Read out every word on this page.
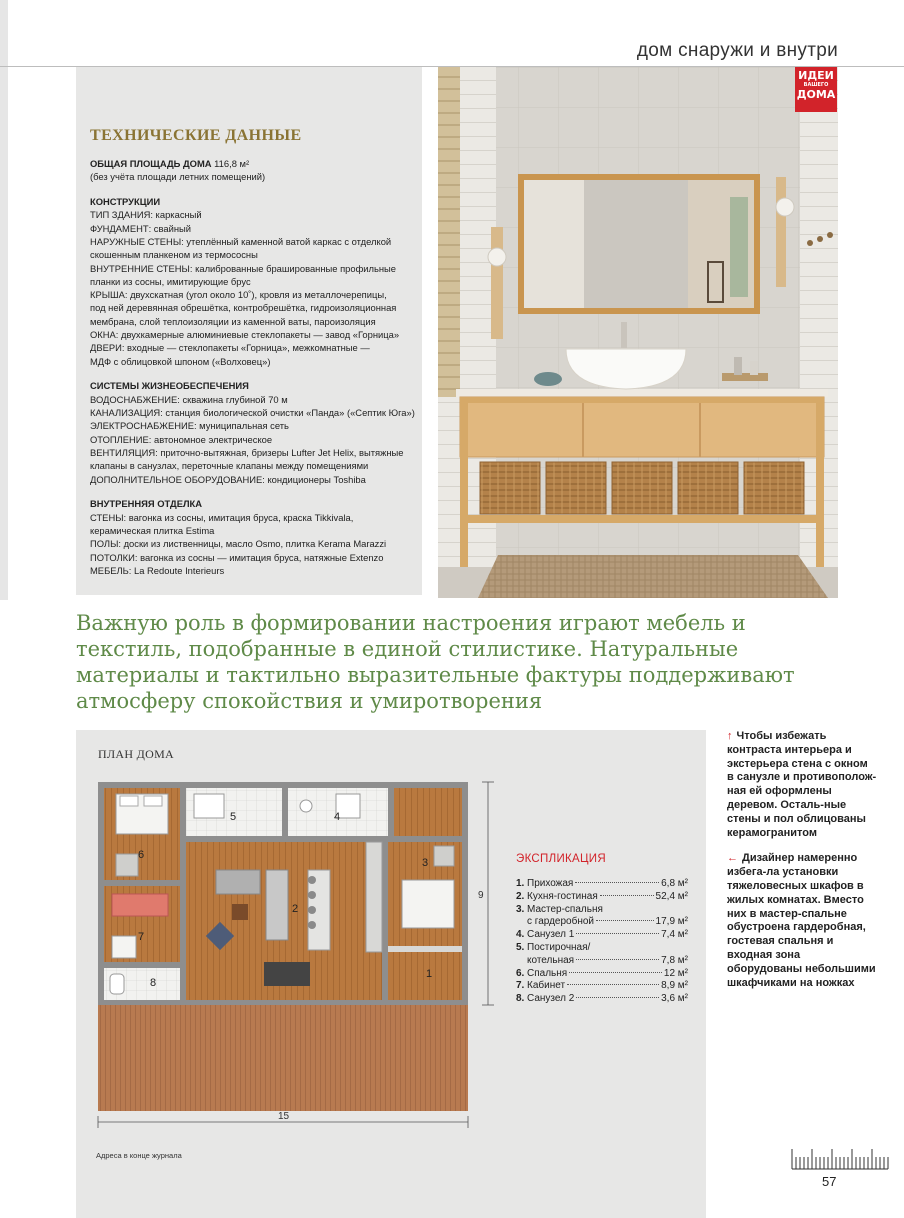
дом снаружи и внутри
ТЕХНИЧЕСКИЕ ДАННЫЕ
ОБЩАЯ ПЛОЩАДЬ ДОМА 116,8 м²
(без учёта площади летних помещений)
КОНСТРУКЦИИ
ТИП ЗДАНИЯ: каркасный
ФУНДАМЕНТ: свайный
НАРУЖНЫЕ СТЕНЫ: утеплённый каменной ватой каркас с отделкой
скошенным планкеном из термососны
ВНУТРЕННИЕ СТЕНЫ: калиброванные брашированные профильные
планки из сосны, имитирующие брус
КРЫША: двухскатная (угол около 10˚), кровля из металлочерепицы,
под ней деревянная обрешётка, контробрешётка, гидроизоляционная
мембрана, слой теплоизоляции из каменной ваты, пароизоляция
ОКНА: двухкамерные алюминиевые стеклопакеты — завод «Горница»
ДВЕРИ: входные — стеклопакеты «Горница», межкомнатные —
МДФ с облицовкой шпоном («Волховец»)
СИСТЕМЫ ЖИЗНЕОБЕСПЕЧЕНИЯ
ВОДОСНАБЖЕНИЕ: скважина глубиной 70 м
КАНАЛИЗАЦИЯ: станция биологической очистки «Панда» («Септик Юга»)
ЭЛЕКТРОСНАБЖЕНИЕ: муниципальная сеть
ОТОПЛЕНИЕ: автономное электрическое
ВЕНТИЛЯЦИЯ: приточно-вытяжная, бризеры Lufter Jet Helix, вытяжные
клапаны в санузлах, переточные клапаны между помещениями
ДОПОЛНИТЕЛЬНОЕ ОБОРУДОВАНИЕ: кондиционеры Toshiba
ВНУТРЕННЯЯ ОТДЕЛКА
СТЕНЫ: вагонка из сосны, имитация бруса, краска Tikkivala,
керамическая плитка Estima
ПОЛЫ: доски из лиственницы, масло Osmo, плитка Kerama Marazzi
ПОТОЛКИ: вагонка из сосны — имитация бруса, натяжные Extenzo
МЕБЕЛЬ: La Redoute Interieurs
ИДЕИ
ВАШЕГО
ДОМА
Важную роль в формировании настроения играют мебель и текстиль, подобранные в единой стилистике. Натуральные материалы и тактильно выразительные фактуры поддерживают атмосферу спокойствия и умиротворения
ПЛАН ДОМА
1
2
3
4
5
6
7
8
15
9
ЭКСПЛИКАЦИЯ
1. Прихожая	6,8 м²
2. Кухня-гостиная	52,4 м²
3. Мастер-спальня
с гардеробной	17,9 м²
4. Санузел 1	7,4 м²
5. Постирочная/
котельная	7,8 м²
6. Спальня	12 м²
7. Кабинет	8,9 м²
8. Санузел 2	3,6 м²
Адреса в конце журнала

↑ Чтобы избежать контраста интерьера и экстерьера стена с окном в санузле и противополож-ная ей оформлены деревом. Осталь-ные стены и пол облицованы керамогранитом

← Дизайнер намеренно избега-ла установки тяжеловесных шкафов в жилых комнатах. Вместо них в мастер-спальне обустроена гардеробная, гостевая спальня и входная зона оборудованы небольшими шкафчиками на ножках

57
